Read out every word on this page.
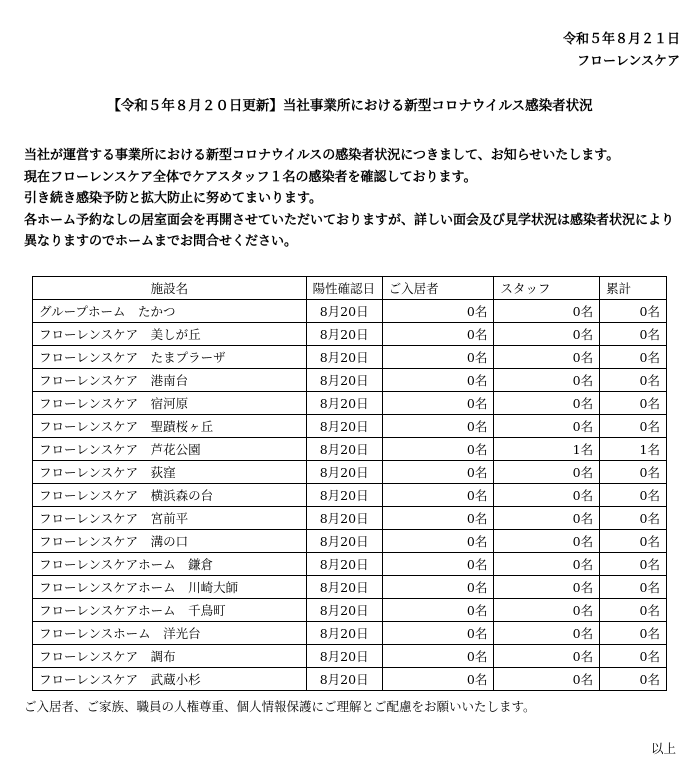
令和５年８月２１日
フローレンスケア
【令和５年８月２０日更新】当社事業所における新型コロナウイルス感染者状況

当社が運営する事業所における新型コロナウイルスの感染者状況につきまして、お知らせいたします。

現在フローレンスケア全体でケアスタッフ１名の感染者を確認しております。

引き続き感染予防と拡大防止に努めてまいります。

各ホーム予約なしの居室面会を再開させていただいておりますが、詳しい面会及び見学状況は感染者状況により異なりますのでホームまでお問合せください。

施設名	陽性確認日	ご入居者	スタッフ	累計
グループホーム　たかつ	8月20日	0名	0名	0名
フローレンスケア　美しが丘	8月20日	0名	0名	0名
フローレンスケア　たまプラーザ	8月20日	0名	0名	0名
フローレンスケア　港南台	8月20日	0名	0名	0名
フローレンスケア　宿河原	8月20日	0名	0名	0名
フローレンスケア　聖蹟桜ヶ丘	8月20日	0名	0名	0名
フローレンスケア　芦花公園	8月20日	0名	1名	1名
フローレンスケア　荻窪	8月20日	0名	0名	0名
フローレンスケア　横浜森の台	8月20日	0名	0名	0名
フローレンスケア　宮前平	8月20日	0名	0名	0名
フローレンスケア　溝の口	8月20日	0名	0名	0名
フローレンスケアホーム　鎌倉	8月20日	0名	0名	0名
フローレンスケアホーム　川崎大師	8月20日	0名	0名	0名
フローレンスケアホーム　千鳥町	8月20日	0名	0名	0名
フローレンスホーム　洋光台	8月20日	0名	0名	0名
フローレンスケア　調布	8月20日	0名	0名	0名
フローレンスケア　武蔵小杉	8月20日	0名	0名	0名
ご入居者、ご家族、職員の人権尊重、個人情報保護にご理解とご配慮をお願いいたします。
以上
